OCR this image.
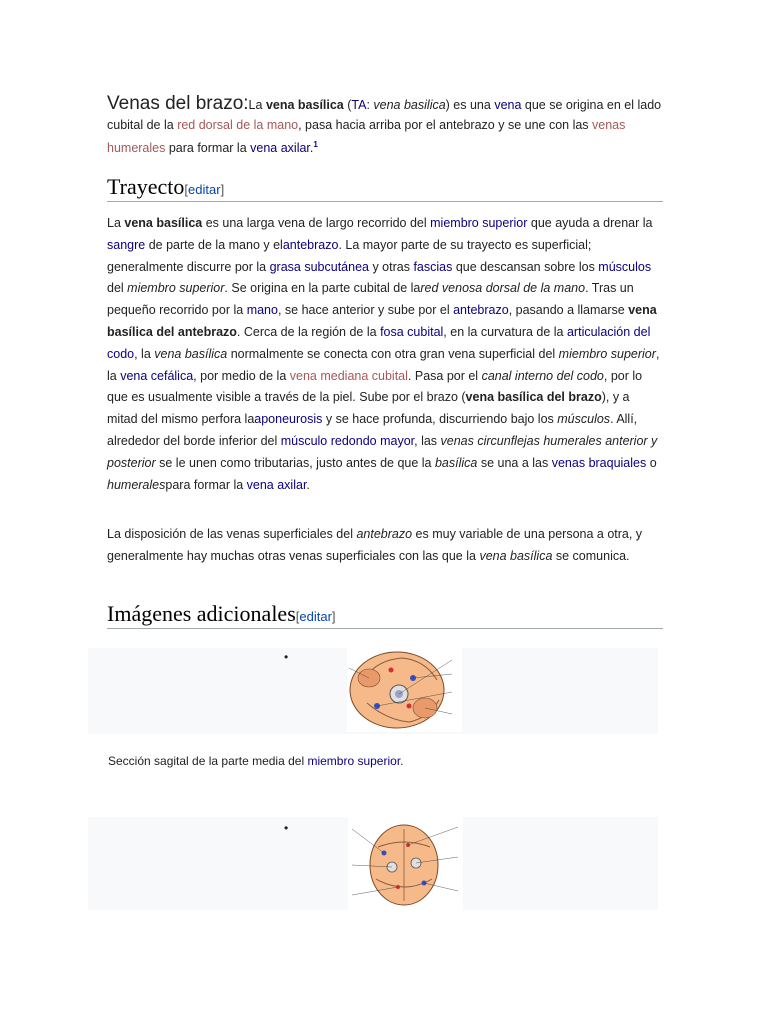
Venas del brazo:La vena basílica (TA: vena basilica) es una vena que se origina en el lado cubital de la red dorsal de la mano, pasa hacia arriba por el antebrazo y se une con las venas humerales para formar la vena axilar.$^1$
Trayecto[editar]

La vena basílica es una larga vena de largo recorrido del miembro superior que ayuda a drenar la sangre de parte de la mano y elantebrazo. La mayor parte de su trayecto es superficial; generalmente discurre por la grasa subcutánea y otras fascias que descansan sobre los músculos del miembro superior. Se origina en la parte cubital de lared venosa dorsal de la mano. Tras un pequeño recorrido por la mano, se hace anterior y sube por el antebrazo, pasando a llamarse vena basílica del antebrazo. Cerca de la región de la fosa cubital, en la curvatura de la articulación del codo, la vena basílica normalmente se conecta con otra gran vena superficial del miembro superior, la vena cefálica, por medio de la vena mediana cubital. Pasa por el canal interno del codo, por lo que es usualmente visible a través de la piel. Sube por el brazo (vena basílica del brazo), y a mitad del mismo perfora laaponeurosis y se hace profunda, discurriendo bajo los músculos. Allí, alrededor del borde inferior del músculo redondo mayor, las venas circunflejas humerales anterior y posterior se le unen como tributarias, justo antes de que la basílica se una a las venas braquiales o humeralespara formar la vena axilar.

La disposición de las venas superficiales del antebrazo es muy variable de una persona a otra, y generalmente hay muchas otras venas superficiales con las que la vena basílica se comunica.

Imágenes adicionales[editar]
•
Sección sagital de la parte media del miembro superior.
•
